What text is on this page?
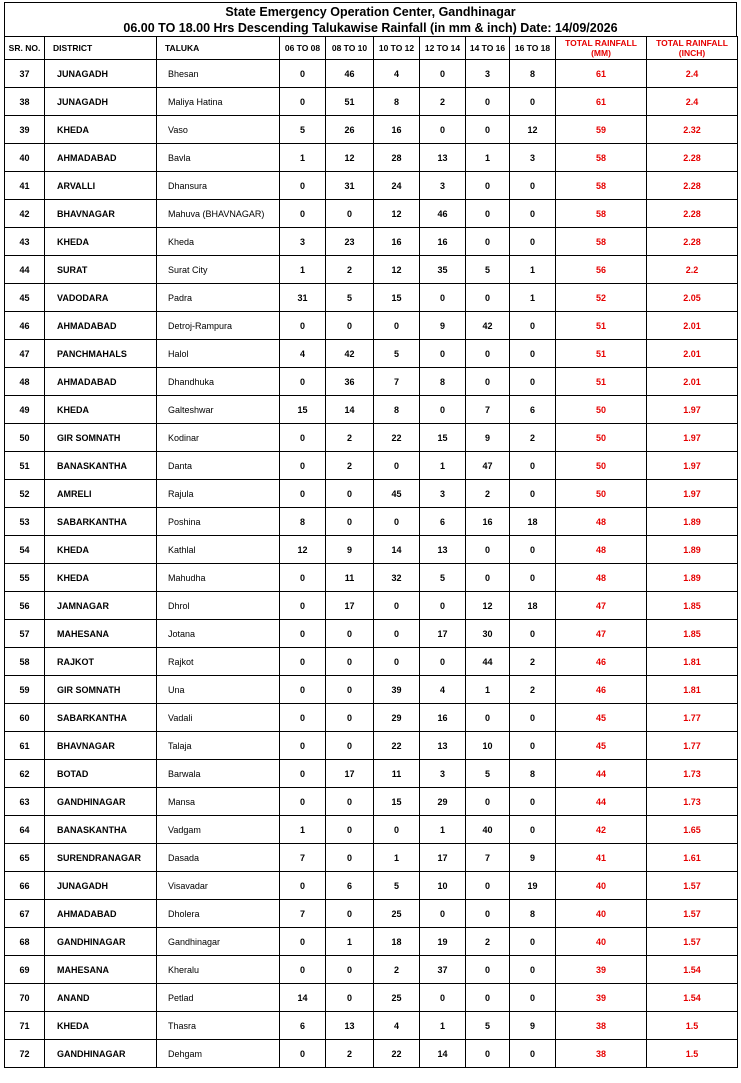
State Emergency Operation Center, Gandhinagar
06.00 TO 18.00 Hrs Descending Talukawise Rainfall (in mm & inch) Date: 14/09/2026
SR. NO.	DISTRICT	TALUKA	06 TO 08	08 TO 10	10 TO 12	12 TO 14	14 TO 16	16 TO 18	TOTAL RAINFALL (MM)	TOTAL RAINFALL (INCH)
37	JUNAGADH	Bhesan	0	46	4	0	3	8	61	2.4
38	JUNAGADH	Maliya Hatina	0	51	8	2	0	0	61	2.4
39	KHEDA	Vaso	5	26	16	0	0	12	59	2.32
40	AHMADABAD	Bavla	1	12	28	13	1	3	58	2.28
41	ARVALLI	Dhansura	0	31	24	3	0	0	58	2.28
42	BHAVNAGAR	Mahuva (BHAVNAGAR)	0	0	12	46	0	0	58	2.28
43	KHEDA	Kheda	3	23	16	16	0	0	58	2.28
44	SURAT	Surat City	1	2	12	35	5	1	56	2.2
45	VADODARA	Padra	31	5	15	0	0	1	52	2.05
46	AHMADABAD	Detroj-Rampura	0	0	0	9	42	0	51	2.01
47	PANCHMAHALS	Halol	4	42	5	0	0	0	51	2.01
48	AHMADABAD	Dhandhuka	0	36	7	8	0	0	51	2.01
49	KHEDA	Galteshwar	15	14	8	0	7	6	50	1.97
50	GIR SOMNATH	Kodinar	0	2	22	15	9	2	50	1.97
51	BANASKANTHA	Danta	0	2	0	1	47	0	50	1.97
52	AMRELI	Rajula	0	0	45	3	2	0	50	1.97
53	SABARKANTHA	Poshina	8	0	0	6	16	18	48	1.89
54	KHEDA	Kathlal	12	9	14	13	0	0	48	1.89
55	KHEDA	Mahudha	0	11	32	5	0	0	48	1.89
56	JAMNAGAR	Dhrol	0	17	0	0	12	18	47	1.85
57	MAHESANA	Jotana	0	0	0	17	30	0	47	1.85
58	RAJKOT	Rajkot	0	0	0	0	44	2	46	1.81
59	GIR SOMNATH	Una	0	0	39	4	1	2	46	1.81
60	SABARKANTHA	Vadali	0	0	29	16	0	0	45	1.77
61	BHAVNAGAR	Talaja	0	0	22	13	10	0	45	1.77
62	BOTAD	Barwala	0	17	11	3	5	8	44	1.73
63	GANDHINAGAR	Mansa	0	0	15	29	0	0	44	1.73
64	BANASKANTHA	Vadgam	1	0	0	1	40	0	42	1.65
65	SURENDRANAGAR	Dasada	7	0	1	17	7	9	41	1.61
66	JUNAGADH	Visavadar	0	6	5	10	0	19	40	1.57
67	AHMADABAD	Dholera	7	0	25	0	0	8	40	1.57
68	GANDHINAGAR	Gandhinagar	0	1	18	19	2	0	40	1.57
69	MAHESANA	Kheralu	0	0	2	37	0	0	39	1.54
70	ANAND	Petlad	14	0	25	0	0	0	39	1.54
71	KHEDA	Thasra	6	13	4	1	5	9	38	1.5
72	GANDHINAGAR	Dehgam	0	2	22	14	0	0	38	1.5
